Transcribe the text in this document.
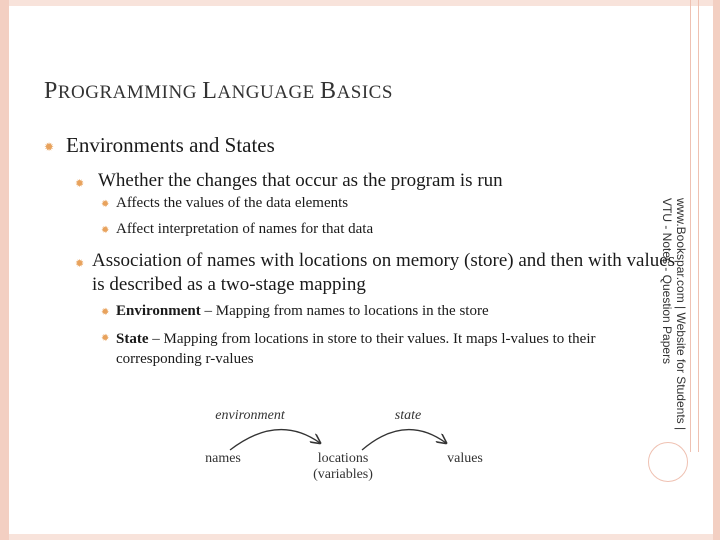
PROGRAMMING LANGUAGE BASICS
✹ Environments and States
✹ Whether the changes that occur as the program is run
✹ Affects the values of the data elements
✹ Affect interpretation of names for that data
✹ Association of names with locations on memory (store) and then with values is described as a two-stage mapping
✹ Environment – Mapping from names to locations in the store
✹ State – Mapping from locations in store to their values. It maps l-values to their corresponding r-values	www.Bookspar.com | Website for Students |
VTU - Notes - Question Papers
environment	state
names	locations
(variables)
values
